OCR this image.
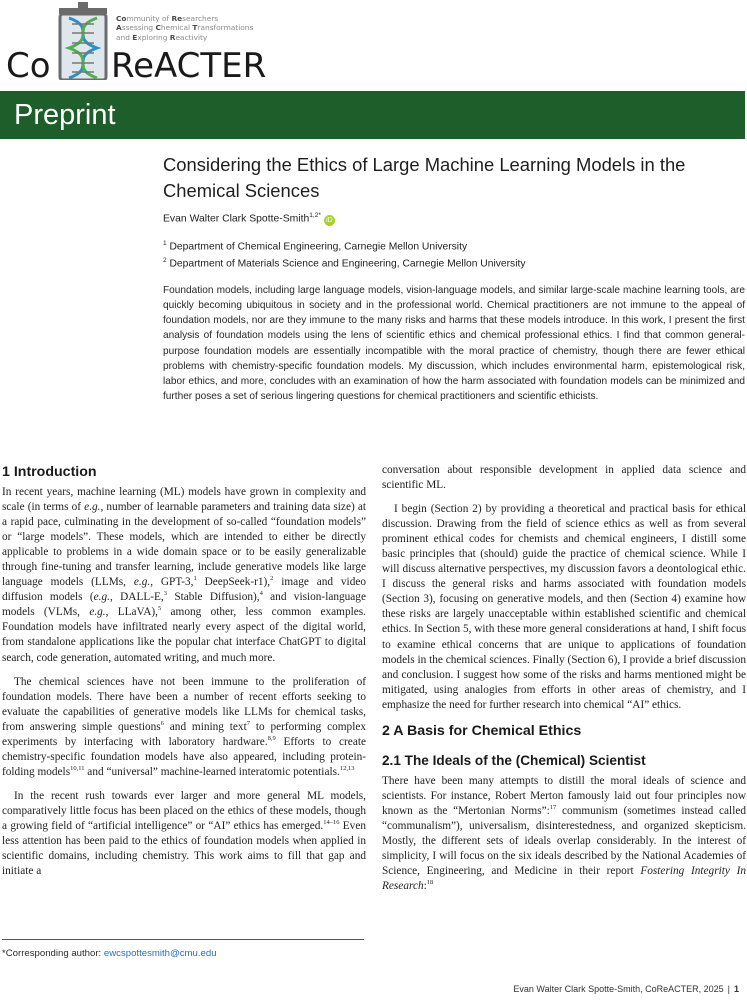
Community of Researchers
Assessing Chemical Transformations
and Exploring Reactivity
Co ReACTER
Preprint
Considering the Ethics of Large Machine Learning Models in the Chemical Sciences
Evan Walter Clark Spotte-Smith$^{1,2*}$iD
$^1$ Department of Chemical Engineering, Carnegie Mellon University
$^2$ Department of Materials Science and Engineering, Carnegie Mellon University

Foundation models, including large language models, vision-language models, and similar large-scale machine learning tools, are quickly becoming ubiquitous in society and in the professional world. Chemical practitioners are not immune to the appeal of foundation models, nor are they immune to the many risks and harms that these models introduce. In this work, I present the first analysis of foundation models using the lens of scientific ethics and chemical professional ethics. I find that common general-purpose foundation models are essentially incompatible with the moral practice of chemistry, though there are fewer ethical problems with chemistry-specific foundation models. My discussion, which includes environmental harm, epistemological risk, labor ethics, and more, concludes with an examination of how the harm associated with foundation models can be minimized and further poses a set of serious lingering questions for chemical practitioners and scientific ethicists.

1 Introduction

In recent years, machine learning (ML) models have grown in complexity and scale (in terms of e.g., number of learnable parameters and training data size) at a rapid pace, culminating in the development of so-called “foundation models” or “large models”. These models, which are intended to either be directly applicable to problems in a wide domain space or to be easily generalizable through fine-tuning and transfer learning, include generative models like large language models (LLMs, e.g., GPT-3,$^1$ DeepSeek-r1),$^2$ image and video diffusion models (e.g., DALL-E,$^3$ Stable Diffusion),$^4$ and vision-language models (VLMs, e.g., LLaVA),$^5$ among other, less common examples. Foundation models have infiltrated nearly every aspect of the digital world, from standalone applications like the popular chat interface ChatGPT to digital search, code generation, automated writing, and much more.

The chemical sciences have not been immune to the proliferation of foundation models. There have been a number of recent efforts seeking to evaluate the capabilities of generative models like LLMs for chemical tasks, from answering simple questions$^6$ and mining text$^7$ to performing complex experiments by interfacing with laboratory hardware.$^{8,9}$ Efforts to create chemistry-specific foundation models have also appeared, including protein-folding models$^{10,11}$ and “universal” machine-learned interatomic potentials.$^{12,13}$

In the recent rush towards ever larger and more general ML models, comparatively little focus has been placed on the ethics of these models, though a growing field of “artificial intelligence” or “AI” ethics has emerged.$^{14-16}$ Even less attention has been paid to the ethics of foundation models when applied in scientific domains, including chemistry. This work aims to fill that gap and initiate a

*Corresponding author: ewcspottesmith@cmu.edu

conversation about responsible development in applied data science and scientific ML.

I begin (Section 2) by providing a theoretical and practical basis for ethical discussion. Drawing from the field of science ethics as well as from several prominent ethical codes for chemists and chemical engineers, I distill some basic principles that (should) guide the practice of chemical science. While I will discuss alternative perspectives, my discussion favors a deontological ethic. I discuss the general risks and harms associated with foundation models (Section 3), focusing on generative models, and then (Section 4) examine how these risks are largely unacceptable within established scientific and chemical ethics. In Section 5, with these more general considerations at hand, I shift focus to examine ethical concerns that are unique to applications of foundation models in the chemical sciences. Finally (Section 6), I provide a brief discussion and conclusion. I suggest how some of the risks and harms mentioned might be mitigated, using analogies from efforts in other areas of chemistry, and I emphasize the need for further research into chemical “AI” ethics.

2 A Basis for Chemical Ethics
2.1 The Ideals of the (Chemical) Scientist

There have been many attempts to distill the moral ideals of science and scientists. For instance, Robert Merton famously laid out four principles now known as the “Mertonian Norms”:$^{17}$ communism (sometimes instead called “communalism”), universalism, disinterestedness, and organized skepticism. Mostly, the different sets of ideals overlap considerably. In the interest of simplicity, I will focus on the six ideals described by the National Academies of Science, Engineering, and Medicine in their report Fostering Integrity In Research:$^{18}$

Evan Walter Clark Spotte-Smith, CoReACTER, 2025 | 1
